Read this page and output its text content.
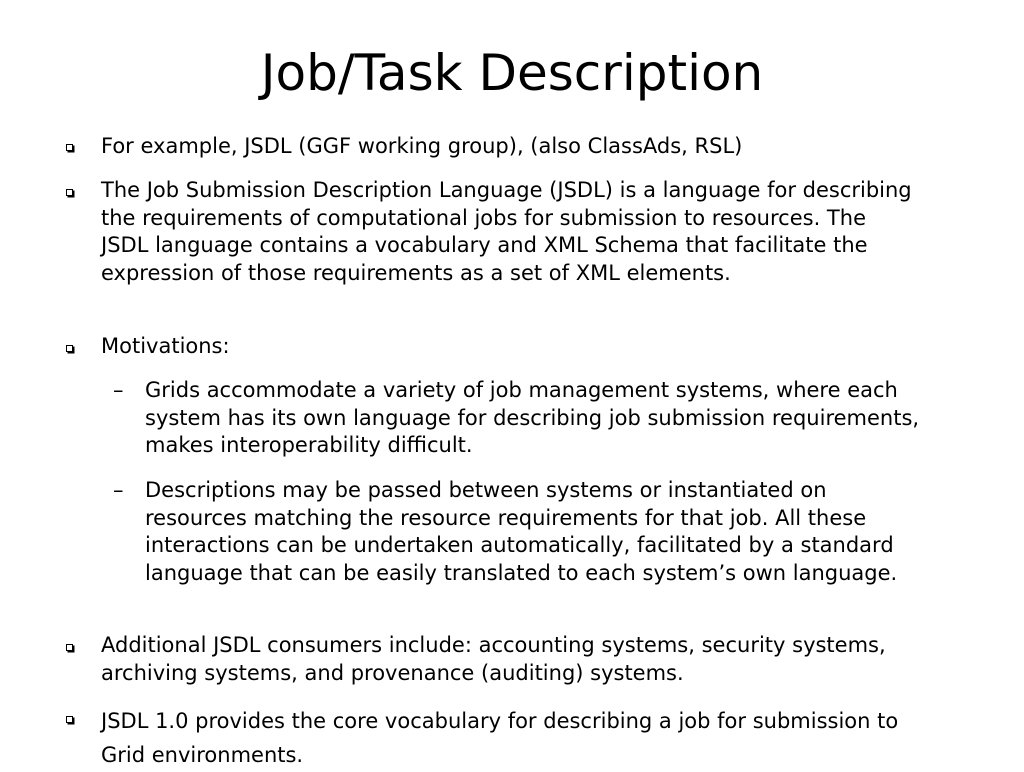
Job/Task Description

For example, JSDL (GGF working group), (also ClassAds, RSL)

The Job Submission Description Language (JSDL) is a language for describing the requirements of computational jobs for submission to resources. The JSDL language contains a vocabulary and XML Schema that facilitate the expression of those requirements as a set of XML elements.

Motivations:

– Grids accommodate a variety of job management systems, where each system has its own language for describing job submission requirements, makes interoperability difficult.

– Descriptions may be passed between systems or instantiated on resources matching the resource requirements for that job. All these interactions can be undertaken automatically, facilitated by a standard language that can be easily translated to each system’s own language.

Additional JSDL consumers include: accounting systems, security systems, archiving systems, and provenance (auditing) systems.

JSDL 1.0 provides the core vocabulary for describing a job for submission to Grid environments.
